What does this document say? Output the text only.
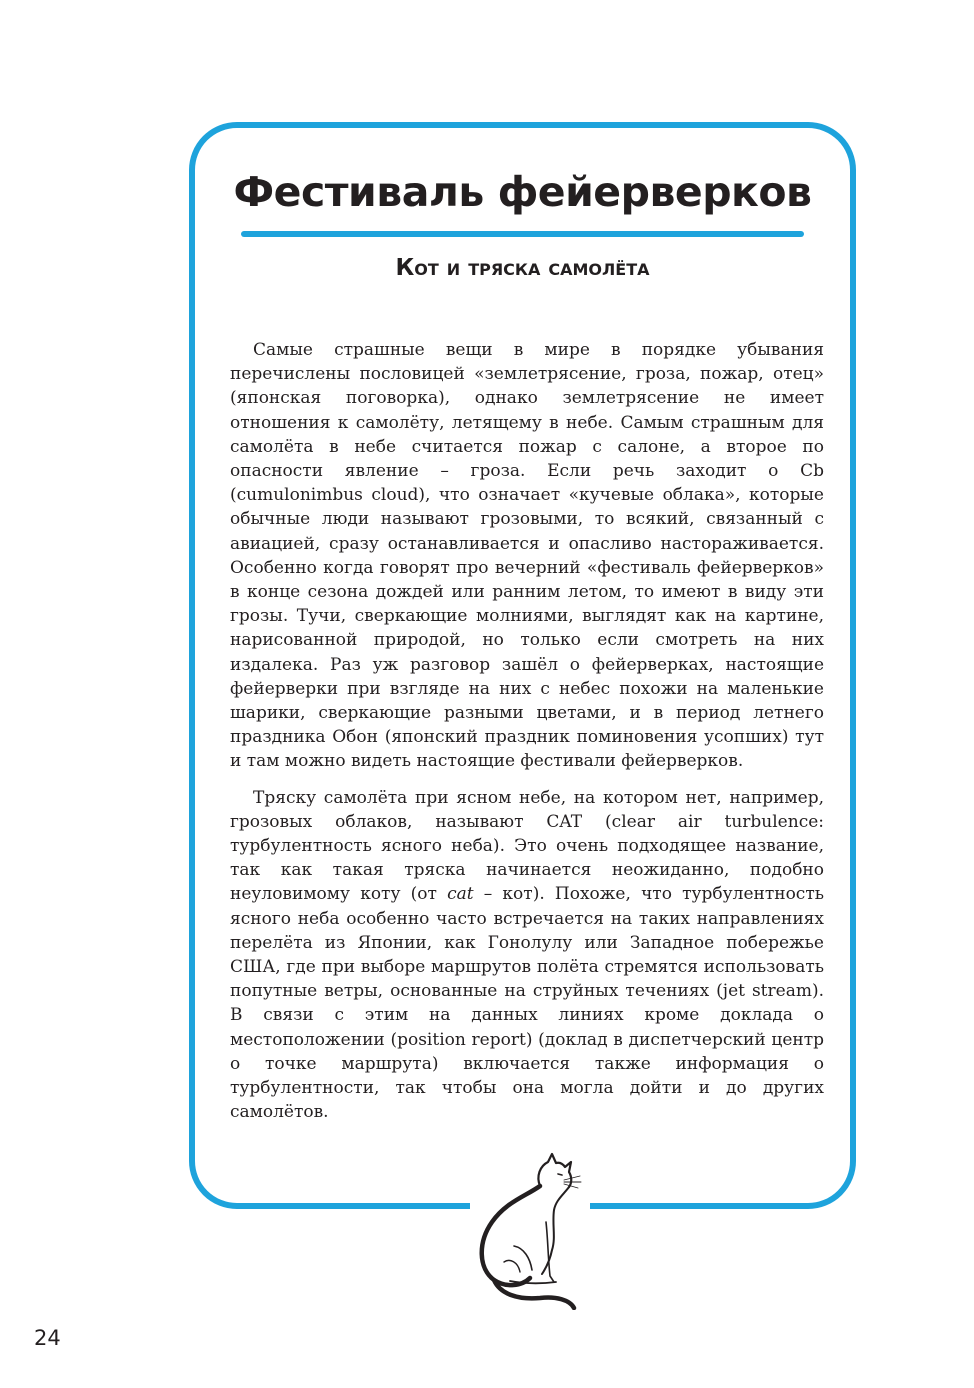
Фестиваль фейерверков
Кот и тряска самолёта

Самые страшные вещи в мире в порядке убывания перечислены пословицей «землетрясение, гроза, пожар, отец» (японская поговорка), однако землетрясение не имеет отношения к самолёту, летящему в небе. Самым страшным для самолёта в небе считается пожар с салоне, а второе по опасности явление – гроза. Если речь заходит о Cb (cumulonimbus cloud), что означает «кучевые облака», которые обычные люди называют грозовыми, то всякий, связанный с авиацией, сразу останавливается и опасливо настораживается. Особенно когда говорят про вечерний «фестиваль фейерверков» в конце сезона дождей или ранним летом, то имеют в виду эти грозы. Тучи, сверкающие молниями, выглядят как на картине, нарисованной природой, но только если смотреть на них издалека. Раз уж разговор зашёл о фейерверках, настоящие фейерверки при взгляде на них с небес похожи на маленькие шарики, сверкающие разными цветами, и в период летнего праздника Обон (японский праздник поминовения усопших) тут и там можно видеть настоящие фестивали фейерверков.

Тряску самолёта при ясном небе, на котором нет, например, грозовых облаков, называют CAT (clear air turbulence: турбулентность ясного неба). Это очень подходящее название, так как такая тряска начинается неожиданно, подобно неуловимому коту (от cat – кот). Похоже, что турбулентность ясного неба особенно часто встречается на таких направлениях перелёта из Японии, как Гонолулу или Западное побережье США, где при выборе маршрутов полёта стремятся использовать попутные ветры, основанные на струйных течениях (jet stream). В связи с этим на данных линиях кроме доклада о местоположении (position report) (доклад в диспетчерский центр о точке маршрута) включается также информация о турбулентности, так чтобы она могла дойти и до других самолётов.

24
